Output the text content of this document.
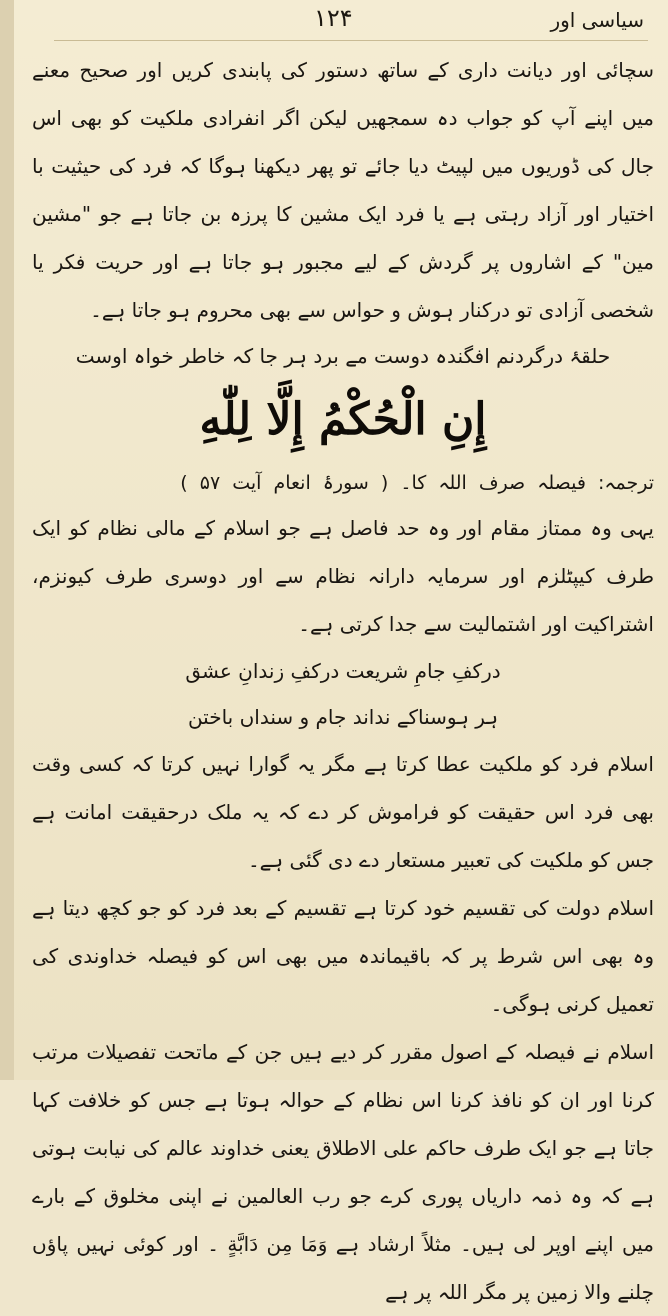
۱۲۴	سیاسی اور

سچائی اور دیانت داری کے ساتھ دستور کی پابندی کریں اور صحیح معنے میں اپنے آپ کو جواب دہ سمجھیں لیکن اگر انفرادی ملکیت کو بھی اس جال کی ڈوریوں میں لپیٹ دیا جائے تو پھر دیکھنا ہوگا کہ فرد کی حیثیت با اختیار اور آزاد رہتی ہے یا فرد ایک مشین کا پرزہ بن جاتا ہے جو "مشین مین" کے اشاروں پر گردش کے لیے مجبور ہو جاتا ہے اور حریت فکر یا شخصی آزادی تو درکنار ہوش و حواس سے بھی محروم ہو جاتا ہے۔

حلقۂ درگردنم افگندہ دوست مے برد ہر جا کہ خاطر خواہ اوست

إِنِ الْحُكْمُ إِلَّا لِلّٰهِ

ترجمہ: فیصلہ صرف اللہ کا۔ ( سورۂ انعام آیت ۵۷ )

یہی وہ ممتاز مقام اور وہ حد فاصل ہے جو اسلام کے مالی نظام کو ایک طرف کیپٹلزم اور سرمایہ دارانہ نظام سے اور دوسری طرف کیونزم، اشتراکیت اور اشتمالیت سے جدا کرتی ہے۔

درکفِ جامِ شریعت درکفِ زندانِ عشق

ہر ہوسناکے نداند جام و سنداں باختن

اسلام فرد کو ملکیت عطا کرتا ہے مگر یہ گوارا نہیں کرتا کہ کسی وقت بھی فرد اس حقیقت کو فراموش کر دے کہ یہ ملک درحقیقت امانت ہے جس کو ملکیت کی تعبیر مستعار دے دی گئی ہے۔

اسلام دولت کی تقسیم خود کرتا ہے تقسیم کے بعد فرد کو جو کچھ دیتا ہے وہ بھی اس شرط پر کہ باقیماندہ میں بھی اس کو فیصلہ خداوندی کی تعمیل کرنی ہوگی۔

اسلام نے فیصلہ کے اصول مقرر کر دیے ہیں جن کے ماتحت تفصیلات مرتب کرنا اور ان کو نافذ کرنا اس نظام کے حوالہ ہوتا ہے جس کو خلافت کہا جاتا ہے جو ایک طرف حاکم علی الاطلاق یعنی خداوند عالم کی نیابت ہوتی ہے کہ وہ ذمہ داریاں پوری کرے جو رب العالمین نے اپنی مخلوق کے بارے میں اپنے اوپر لی ہیں۔ مثلاً ارشاد ہے وَمَا مِن دَابَّةٍ ۔ اور کوئی نہیں پاؤں چلنے والا زمین پر مگر اللہ پر ہے
